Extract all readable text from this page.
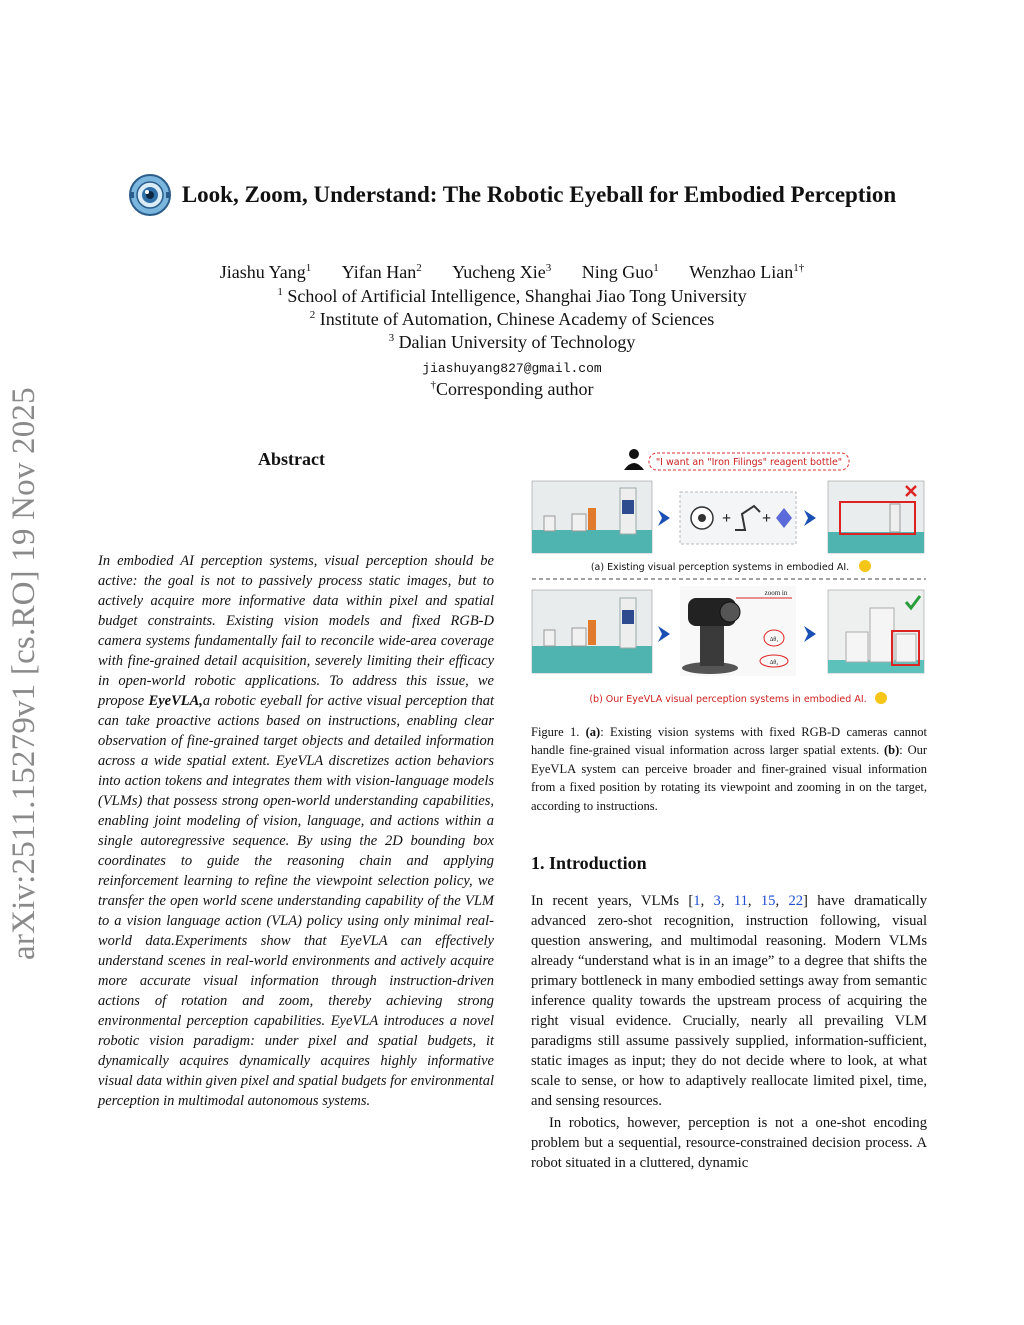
arXiv:2511.15279v1 [cs.RO] 19 Nov 2025
Look, Zoom, Understand: The Robotic Eyeball for Embodied Perception
Jiashu Yang$^1$ Yifan Han$^2$ Yucheng Xie$^3$ Ning Guo$^1$ Wenzhao Lian$^{1\dagger}$
$^1$ School of Artificial Intelligence, Shanghai Jiao Tong University
$^2$ Institute of Automation, Chinese Academy of Sciences
$^3$ Dalian University of Technology
jiashuyang827@gmail.com
†Corresponding author
Abstract
In embodied AI perception systems, visual perception should be active: the goal is not to passively process static images, but to actively acquire more informative data within pixel and spatial budget constraints. Existing vision models and fixed RGB-D camera systems fundamentally fail to reconcile wide-area coverage with fine-grained detail acquisition, severely limiting their efficacy in open-world robotic applications. To address this issue, we propose EyeVLA,a robotic eyeball for active visual perception that can take proactive actions based on instructions, enabling clear observation of fine-grained target objects and detailed information across a wide spatial extent. EyeVLA discretizes action behaviors into action tokens and integrates them with vision-language models (VLMs) that possess strong open-world understanding capabilities, enabling joint modeling of vision, language, and actions within a single autoregressive sequence. By using the 2D bounding box coordinates to guide the reasoning chain and applying reinforcement learning to refine the viewpoint selection policy, we transfer the open world scene understanding capability of the VLM to a vision language action (VLA) policy using only minimal real-world data.Experiments show that EyeVLA can effectively understand scenes in real-world environments and actively acquire more accurate visual information through instruction-driven actions of rotation and zoom, thereby achieving strong environmental perception capabilities. EyeVLA introduces a novel robotic vision paradigm: under pixel and spatial budgets, it dynamically acquires dynamically acquires highly informative visual data within given pixel and spatial budgets for environmental perception in multimodal autonomous systems.
"I want an "Iron Filings" reagent bottle"
+ +
(a) Existing visual perception systems in embodied AI.
zoom in
Δθ₁
Δθ₂
(b) Our EyeVLA visual perception systems in embodied AI.
Figure 1. (a): Existing vision systems with fixed RGB-D cameras cannot handle fine-grained visual information across larger spatial extents. (b): Our EyeVLA system can perceive broader and finer-grained visual information from a fixed position by rotating its viewpoint and zooming in on the target, according to instructions.
1. Introduction

In recent years, VLMs [1, 3, 11, 15, 22] have dramatically advanced zero-shot recognition, instruction following, visual question answering, and multimodal reasoning. Modern VLMs already “understand what is in an image” to a degree that shifts the primary bottleneck in many embodied settings away from semantic inference quality towards the upstream process of acquiring the right visual evidence. Crucially, nearly all prevailing VLM paradigms still assume passively supplied, information-sufficient, static images as input; they do not decide where to look, at what scale to sense, or how to adaptively reallocate limited pixel, time, and sensing resources.

In robotics, however, perception is not a one-shot encoding problem but a sequential, resource-constrained decision process. A robot situated in a cluttered, dynamic
